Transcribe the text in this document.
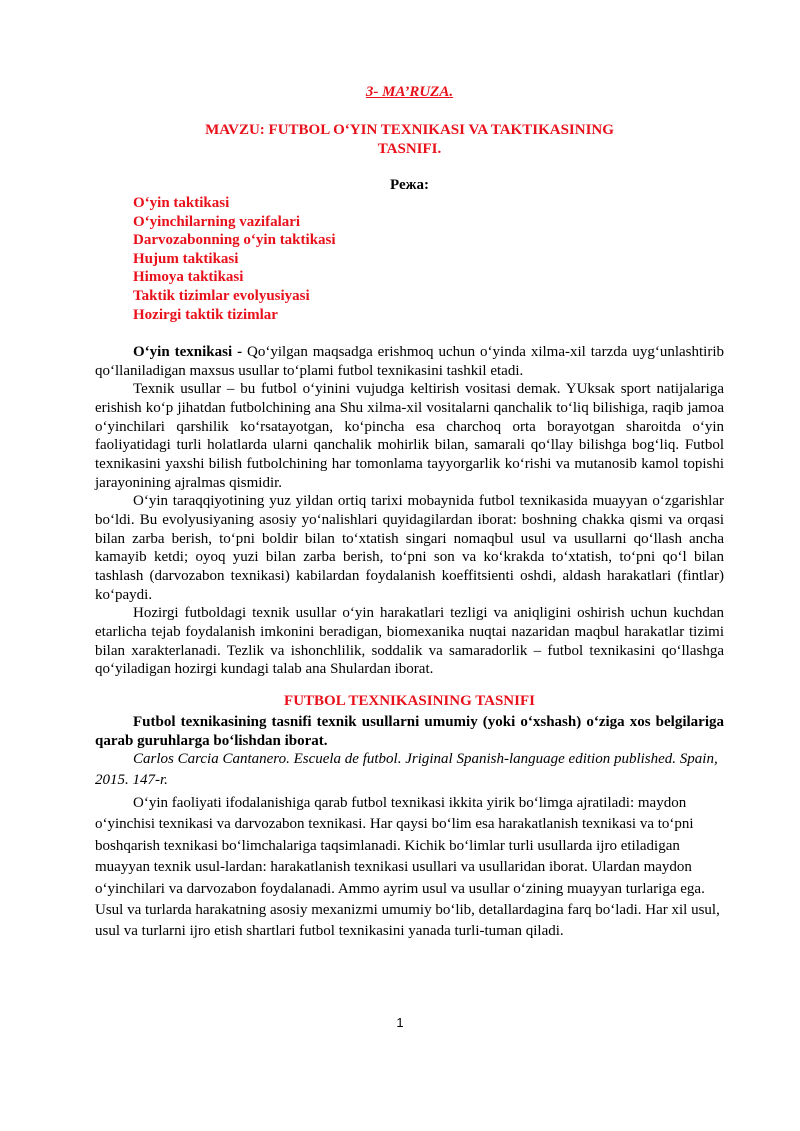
3- MA’RUZA.
MAVZU: FUTBOL O‘YIN TEXNIKASI VA TAKTIKASINING
TASNIFI.
Режа:
O‘yin taktikasi
O‘yinchilarning vazifalari
Darvozabonning o‘yin taktikasi
Hujum taktikasi
Himoya taktikasi
Taktik tizimlar evolyusiyasi
Hozirgi taktik tizimlar

O‘yin texnikasi - Qo‘yilgan maqsadga erishmoq uchun o‘yinda xilma-xil tarzda uyg‘unlashtirib qo‘llaniladigan maxsus usullar to‘plami futbol texnikasini tashkil etadi.

Texnik usullar – bu futbol o‘yinini vujudga keltirish vositasi demak. YUksak sport natijalariga erishish ko‘p jihatdan futbolchining ana Shu xilma-xil vositalarni qanchalik to‘liq bilishiga, raqib jamoa o‘yinchilari qarshilik ko‘rsatayotgan, ko‘pincha esa charchoq orta borayotgan sharoitda o‘yin faoliyatidagi turli holatlarda ularni qanchalik mohirlik bilan, samarali qo‘llay bilishga bog‘liq. Futbol texnikasini yaxshi bilish futbolchining har tomonlama tayyorgarlik ko‘rishi va mutanosib kamol topishi jarayonining ajralmas qismidir.

O‘yin taraqqiyotining yuz yildan ortiq tarixi mobaynida futbol texnikasida muayyan o‘zgarishlar bo‘ldi. Bu evolyusiyaning asosiy yo‘nalishlari quyidagilardan iborat: boshning chakka qismi va orqasi bilan zarba berish, to‘pni boldir bilan to‘xtatish singari nomaqbul usul va usullarni qo‘llash ancha kamayib ketdi; oyoq yuzi bilan zarba berish, to‘pni son va ko‘krakda to‘xtatish, to‘pni qo‘l bilan tashlash (darvozabon texnikasi) kabilardan foydalanish koeffitsienti oshdi, aldash harakatlari (fintlar) ko‘paydi.

Hozirgi futboldagi texnik usullar o‘yin harakatlari tezligi va aniqligini oshirish uchun kuchdan etarlicha tejab foydalanish imkonini beradigan, biomexanika nuqtai nazaridan maqbul harakatlar tizimi bilan xarakterlanadi. Tezlik va ishonchlilik, soddalik va samaradorlik – futbol texnikasini qo‘llashga qo‘yiladigan hozirgi kundagi talab ana Shulardan iborat.

FUTBOL TEXNIKASINING TASNIFI

Futbol texnikasining tasnifi texnik usullarni umumiy (yoki o‘xshash) o‘ziga xos belgilariga qarab guruhlarga bo‘lishdan iborat.

Carlos Carcia Cantanero. Escuela de futbol. Jriginal Spanish-language edition published. Spain, 2015. 147-r.

O‘yin faoliyati ifodalanishiga qarab futbol texnikasi ikkita yirik bo‘limga ajratiladi: maydon o‘yinchisi texnikasi va darvozabon texnikasi. Har qaysi bo‘lim esa harakatlanish texnikasi va to‘pni boshqarish texnikasi bo‘limchalariga taqsimlanadi. Kichik bo‘limlar turli usullarda ijro etiladigan muayyan texnik usul-lardan: harakatlanish texnikasi usullari va usullaridan iborat. Ulardan maydon o‘yinchilari va darvozabon foydalanadi. Ammo ayrim usul va usullar o‘zining muayyan turlariga ega. Usul va turlarda harakatning asosiy mexanizmi umumiy bo‘lib, detallardagina farq bo‘ladi. Har xil usul, usul va turlarni ijro etish shartlari futbol texnikasini yanada turli-tuman qiladi.

1
